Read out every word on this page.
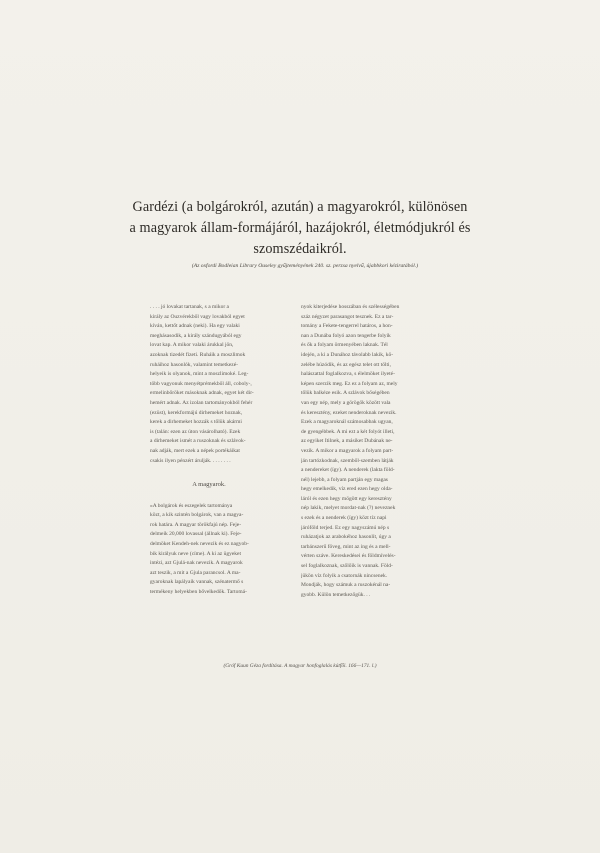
Gardézi (a bolgárokról, azután) a magyarokról, különösen
a magyarok állam-formájáról, hazájokról, életmódjukról és
szomszédaikról.
(Az oxfordi Bodleian Library Ouseley gyűjteményének 240. sz. perzsa nyelvű, újabbkori kéziratából.)

. . . . jó lovakat tartanak, s a mikor a
király az Ouzvérekből vagy lovakból egyet
kíván, kettőt adnak (neki). Ha egy valaki
meghásasodik, a király szándugyából egy
lovat kap. A mikor valaki árukkal jön,
azoknak tizedét fizeti. Ruháik a moszlimok
ruháihoz hasonlók, valamint temetkezé-
helyeik is olyanok, mint a moszlimoké. Leg-
több vagyonuk menyétprémekből áll, coboly-,
ermelinbőröket másoknak adnak, egyet két dir-
hemért adnak. Az izolan tartományokból fehér
(ezüst), kerekformájú dirhemeket hoznak,
kerek a dirhemeket hozzák s tőlük akármi
is (talán: ezen az úton vásárolható). Ezek
a dirhemeket ismét a ruszoknak és szlávok-
nak adják, mert ezek a népek portékáikat
csakis ilyen pénzért árulják. . . . . . . .

A magyarok.

»A bolgárok és eszegelek tartománya
közt, a kik szintén bolgárok, van a magya-
rok határa. A magyar törökfajú nép. Feje-
delmeik 20,000 lovassal (állnak ki). Feje-
delmöket Kendeh-nek nevezik és ez nagyob-
bik királyuk neve (címe). A ki az ügyeket
intézi, azt Gjulá-nak nevezik. A magyarok
azt teszik, a mit a Gjula parancsol. A ma-
gyaroknak lapályaik vannak, szénatermő s
termékeny helyekben bővelkedők. Tartomá-

nyok kiterjedése hosszában és szélességében
száz négyzet parasangot tesznek. Ez a tar-
tomány a Fekete-tengerrel határos, a hon-
nan a Dunába folyó azon tengerbe folyik
és ők a folyam örmenyében laknak. Tél
idején, a ki a Dunához távolabb lakik, kö-
zelébe húzódik, és az egész telet ott tölti,
halászattal foglalkozva, s élelmöket ilyeté-
képen szerzik meg. Ez ez a folyam az, mely
tőlük balkéze esik. A szlávok bőségében
van egy nép, mely a görögök között vala
és keresztény, ezeket nenderoknak nevezik.
Ezek a magyaroknál számosabbak ugyan,
de gyengébbek. A mi ezt a két folyót illeti,
az egyiket Itilnek, a másiket Dubának ne-
vezik. A mikor a magyarok a folyam part-
ján tartózkodnak, szemből-szemben látják
a nendereket (így). A nenderek (lakta föld-
nél) lejebb, a folyam partján egy magas
hegy emelkedik, víz ered ezen hegy olda-
láról és ezen hegy mögött egy keresztény
nép lakik, melyet mordat-nak (?) neveznek
s ezek és a nenderek (így) közt tíz napi
járóföld terjed. Ez egy nagyszámú nép s
ruházatjok az arabokéhoz hasonlít, úgy a
tarbánszerű föveg, mint az ing és a mell-
vérten száve. Kereskedései és földmívelés-
sel foglalkoznak, szőlőik is vannak. Föld-
jükön víz folyik a csatornák nincsenek.
Mondják, hogy számuk a ruszokénál na-
gyobb. Külön temetkezőgük. . .

(Gróf Kuun Géza fordítása. A magyar honfoglalás kútfői. 166—171. l.)
